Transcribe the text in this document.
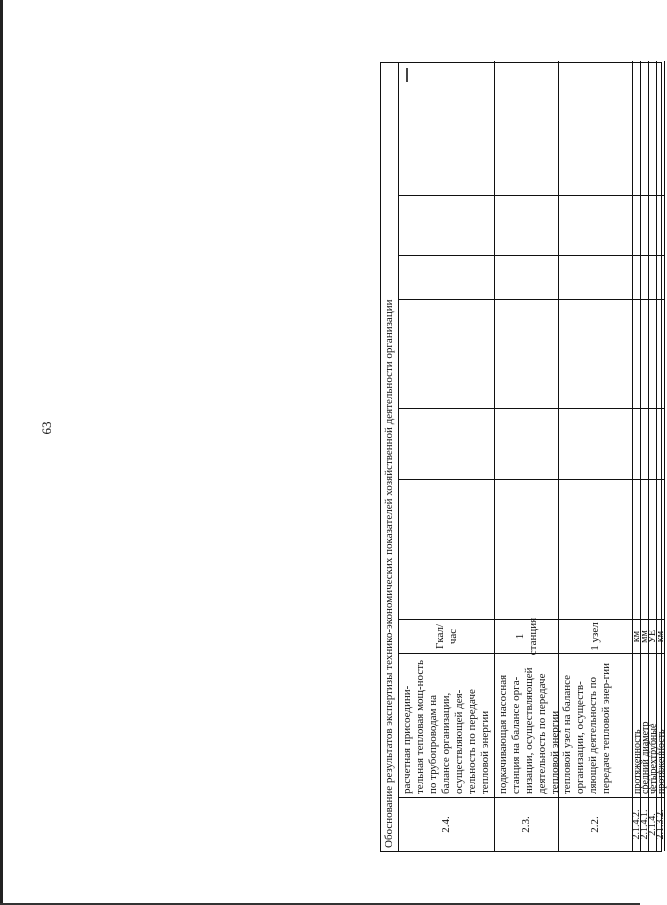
63	Обоснование результатов экспертизы технико-экономических показателей хозяйственной деятельности организации	2.4.
расчетная присоедини-тельная тепловая мощ-ность по трубопроводам на балансе организации, осуществляющей дея-тельность по передаче тепловой энергии
Гкал/час
2.3.
подкачивающая насосная станция на балансе орга-низации, осуществляющей деятельность по передаче тепловой энергии
1
станция
2.2.
тепловой узел на балансе организации, осуществ-ляющей деятельность по передаче тепловой энер-гии
1 узел
2.1.4.2.
протяженность
км
2.1.4.1.
средний диаметр
мм
2.1.4.
четырехтрубные
УЕ
2.1.3.2.
протяженность
км
